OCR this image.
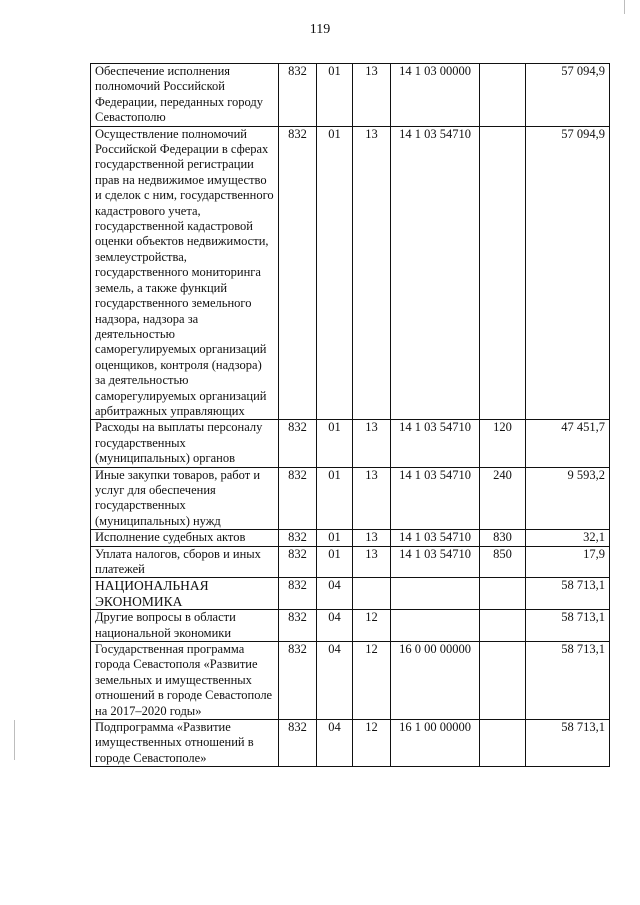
119
Обеспечение исполнения полномочий Российской Федерации, переданных городу Севастополю	832	01	13	14 1 03 00000		57 094,9
Осуществление полномочий Российской Федерации в сферах государственной регистрации прав на недвижимое имущество и сделок с ним, государственного кадастрового учета, государственной кадастровой оценки объектов недвижимости, землеустройства, государственного мониторинга земель, а также функций государственного земельного надзора, надзора за деятельностью саморегулируемых организаций оценщиков, контроля (надзора) за деятельностью саморегулируемых организаций арбитражных управляющих	832	01	13	14 1 03 54710		57 094,9
Расходы на выплаты персоналу государственных (муниципальных) органов	832	01	13	14 1 03 54710	120	47 451,7
Иные закупки товаров, работ и услуг для обеспечения государственных (муниципальных) нужд	832	01	13	14 1 03 54710	240	9 593,2
Исполнение судебных актов	832	01	13	14 1 03 54710	830	32,1
Уплата налогов, сборов и иных платежей	832	01	13	14 1 03 54710	850	17,9
НАЦИОНАЛЬНАЯ ЭКОНОМИКА	832	04				58 713,1
Другие вопросы в области национальной экономики	832	04	12			58 713,1
Государственная программа города Севастополя «Развитие земельных и имущественных отношений в городе Севастополе на 2017–2020 годы»	832	04	12	16 0 00 00000		58 713,1
Подпрограмма «Развитие имущественных отношений в городе Севастополе»	832	04	12	16 1 00 00000		58 713,1
